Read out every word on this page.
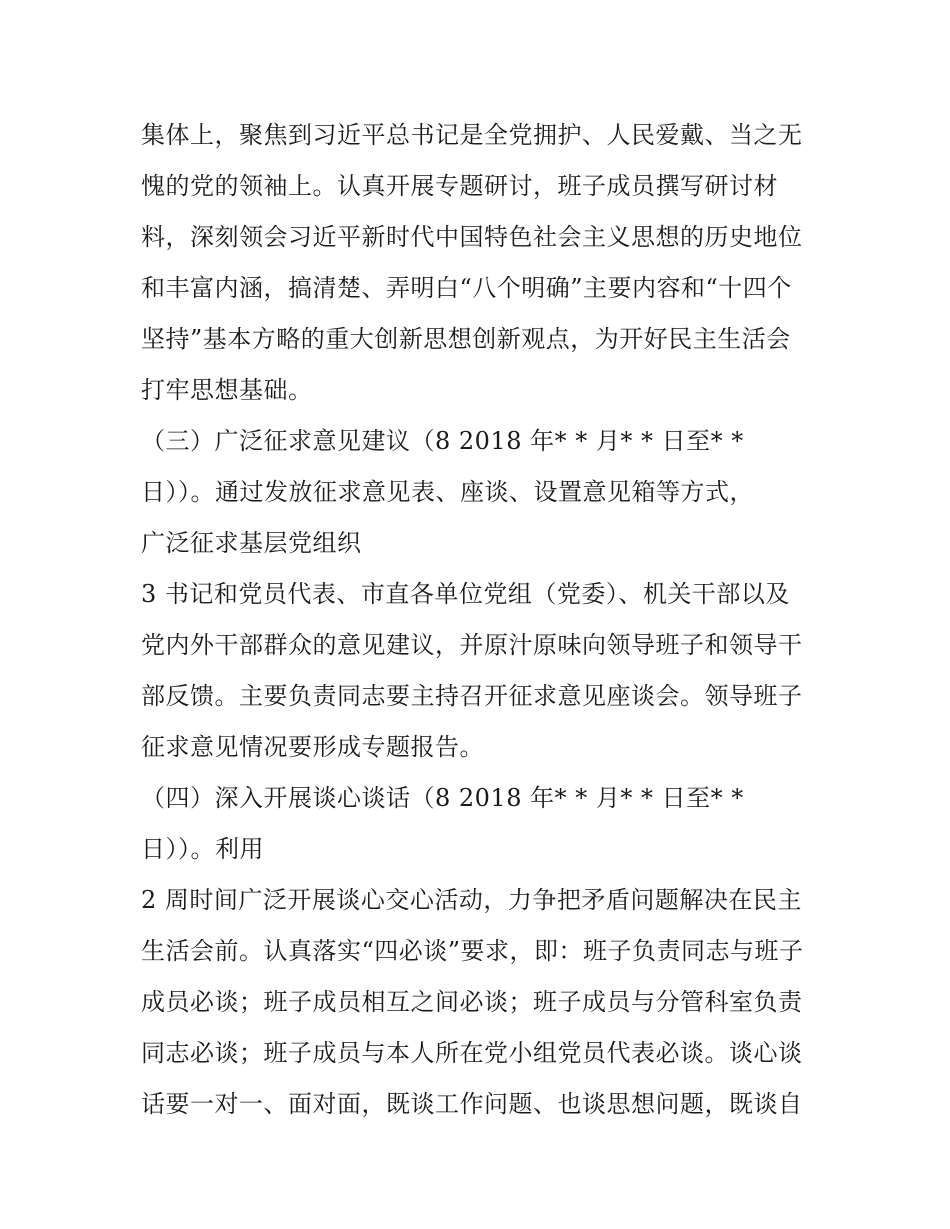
集体上，聚焦到习近平总书记是全党拥护、人民爱戴、当之无
愧的党的领袖上。认真开展专题研讨，班子成员撰写研讨材
料，深刻领会习近平新时代中国特色社会主义思想的历史地位
和丰富内涵，搞清楚、弄明白“八个明确”主要内容和“十四个
坚持”基本方略的重大创新思想创新观点，为开好民主生活会
打牢思想基础。
（三）广泛征求意见建议（8 2018 年* * 月* * 日至* *
日））。通过发放征求意见表、座谈、设置意见箱等方式，
广泛征求基层党组织
3 书记和党员代表、市直各单位党组（党委）、机关干部以及
党内外干部群众的意见建议，并原汁原味向领导班子和领导干
部反馈。主要负责同志要主持召开征求意见座谈会。领导班子
征求意见情况要形成专题报告。
（四）深入开展谈心谈话（8 2018 年* * 月* * 日至* *
日））。利用
2 周时间广泛开展谈心交心活动，力争把矛盾问题解决在民主
生活会前。认真落实“四必谈”要求，即：班子负责同志与班子
成员必谈；班子成员相互之间必谈；班子成员与分管科室负责
同志必谈；班子成员与本人所在党小组党员代表必谈。谈心谈
话要一对一、面对面，既谈工作问题、也谈思想问题，既谈自
